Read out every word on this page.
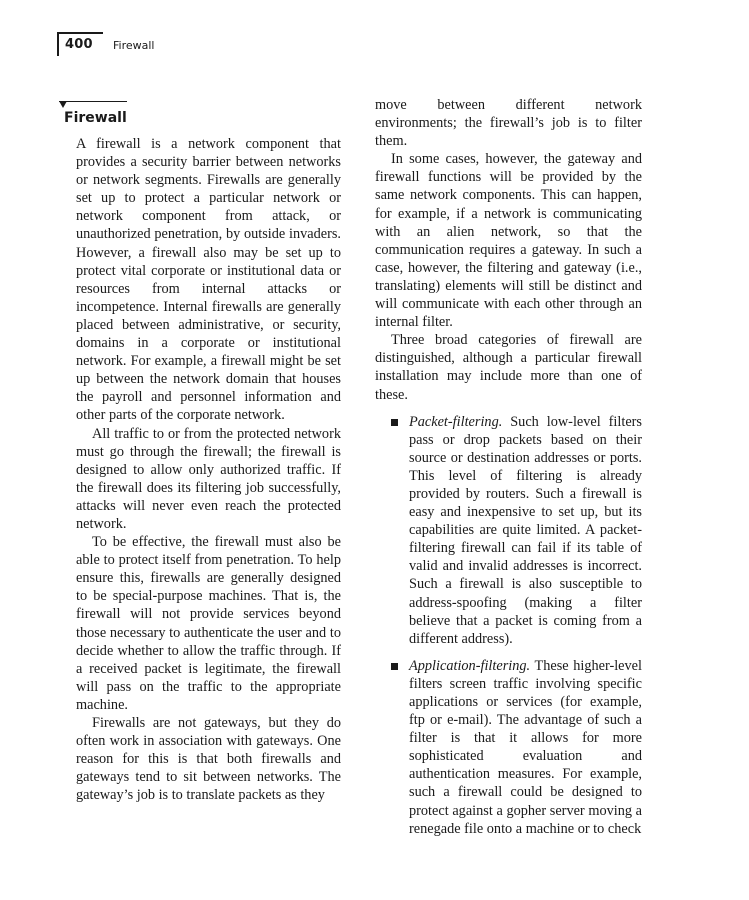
400 Firewall
Firewall

A firewall is a network component that provides a security barrier between networks or network segments. Firewalls are generally set up to protect a particular network or network component from attack, or unauthorized penetration, by outside invaders. However, a firewall also may be set up to protect vital corporate or institutional data or resources from internal attacks or incompetence. Internal firewalls are generally placed between administrative, or security, domains in a corporate or institutional network. For example, a firewall might be set up between the network domain that houses the payroll and personnel information and other parts of the corporate network.

All traffic to or from the protected network must go through the firewall; the firewall is designed to allow only authorized traffic. If the firewall does its filtering job successfully, attacks will never even reach the protected network.

To be effective, the firewall must also be able to protect itself from penetration. To help ensure this, firewalls are generally designed to be special-purpose machines. That is, the firewall will not provide services beyond those necessary to authenticate the user and to decide whether to allow the traffic through. If a received packet is legitimate, the firewall will pass on the traffic to the appropriate machine.

Firewalls are not gateways, but they do often work in association with gateways. One reason for this is that both firewalls and gateways tend to sit between networks. The gateway’s job is to translate packets as they

move between different network environments; the firewall’s job is to filter them.

In some cases, however, the gateway and firewall functions will be provided by the same network components. This can happen, for example, if a network is communicating with an alien network, so that the communication requires a gateway. In such a case, however, the filtering and gateway (i.e., translating) elements will still be distinct and will communicate with each other through an internal filter.

Three broad categories of firewall are distinguished, although a particular firewall installation may include more than one of these.

Packet-filtering. Such low-level filters pass or drop packets based on their source or destination addresses or ports. This level of filtering is already provided by routers. Such a firewall is easy and inexpensive to set up, but its capabilities are quite limited. A packet-filtering firewall can fail if its table of valid and invalid addresses is incorrect. Such a firewall is also susceptible to address-spoofing (making a filter believe that a packet is coming from a different address).

Application-filtering. These higher-level filters screen traffic involving specific applications or services (for example, ftp or e-mail). The advantage of such a filter is that it allows for more sophisticated evaluation and authentication measures. For example, such a firewall could be designed to protect against a gopher server moving a renegade file onto a machine or to check
